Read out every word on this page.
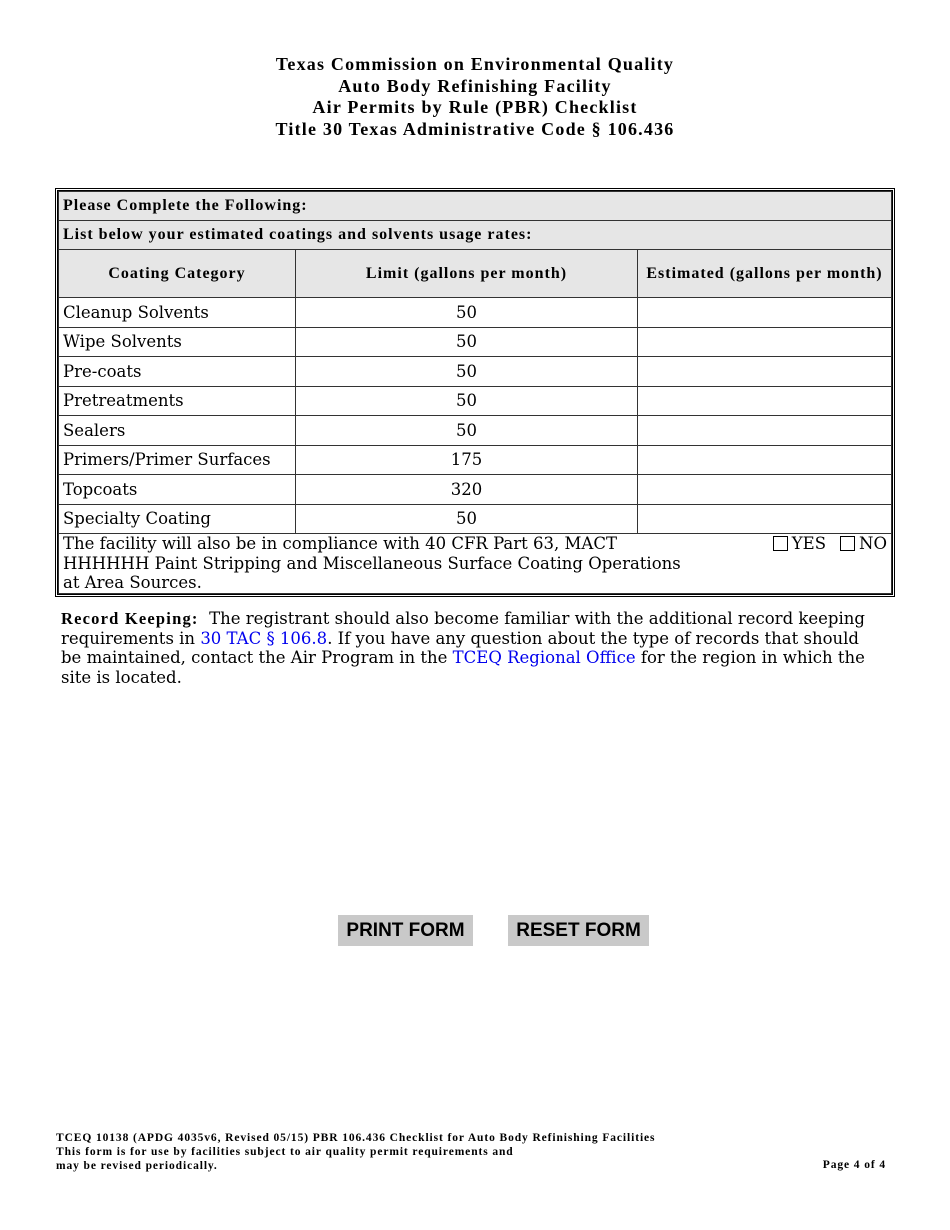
Texas Commission on Environmental Quality
Auto Body Refinishing Facility
Air Permits by Rule (PBR) Checklist
Title 30 Texas Administrative Code § 106.436
Please Complete the Following:		
List below your estimated coatings and solvents usage rates:		
Coating Category	Limit (gallons per month)	Estimated (gallons per month)
Cleanup Solvents	50	
Wipe Solvents	50	
Pre-coats	50	
Pretreatments	50	
Sealers	50	
Primers/Primer Surfaces	175	
Topcoats	320	
Specialty Coating	50	

The facility will also be in compliance with 40 CFR Part 63, MACT HHHHHH Paint Stripping and Miscellaneous Surface Coating Operations at Area Sources.
YES NO		
Record Keeping: The registrant should also become familiar with the additional record keeping requirements in 30 TAC § 106.8. If you have any question about the type of records that should be maintained, contact the Air Program in the TCEQ Regional Office for the region in which the site is located.
PRINT FORM	RESET FORM
TCEQ 10138 (APDG 4035v6, Revised 05/15) PBR 106.436 Checklist for Auto Body Refinishing Facilities
This form is for use by facilities subject to air quality permit requirements and
may be revised periodically.	Page 4 of 4
